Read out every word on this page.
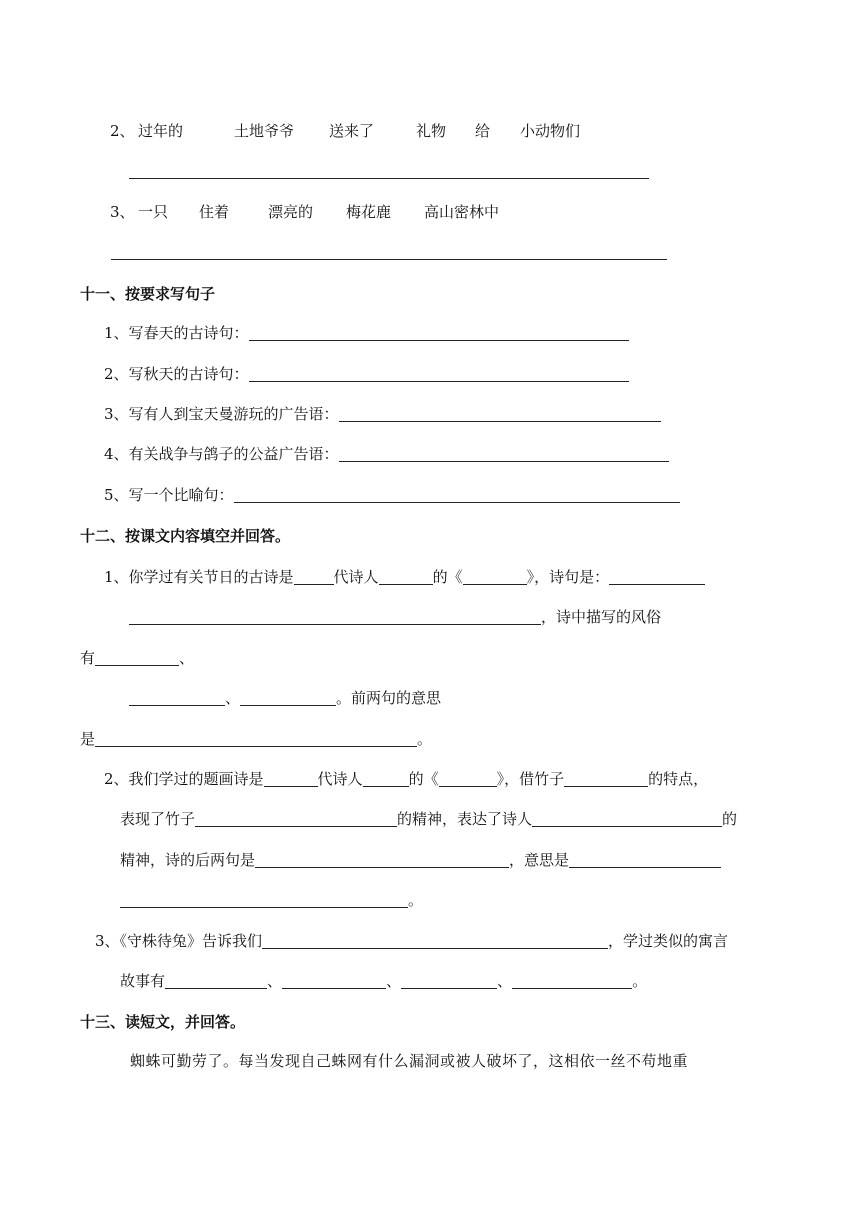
2、 过年的	土地爷爷 送来了	礼物 给 小动物们
3、 一只 住着	漂亮的 梅花鹿 高山密林中
十一、按要求写句子
1、写春天的古诗句：
2、写秋天的古诗句：
3、写有人到宝天曼游玩的广告语：
4、有关战争与鸽子的公益广告语：
5、写一个比喻句：
十二、按课文内容填空并回答。
1、你学过有关节日的古诗是	代诗人	的《	》，诗句是：
，诗中描写的风俗
有	、
、	。前两句的意思
是	。
2、我们学过的题画诗是	代诗人	的《	》，借竹子	的特点，
表现了竹子	的精神，表达了诗人	的
精神，诗的后两句是	，意思是
。
3、《守株待兔》告诉我们	，学过类似的寓言
故事有	、	、	、	。
十三、读短文，并回答。
蜘蛛可勤劳了。每当发现自己蛛网有什么漏洞或被人破坏了，这相依一丝不苟地重
